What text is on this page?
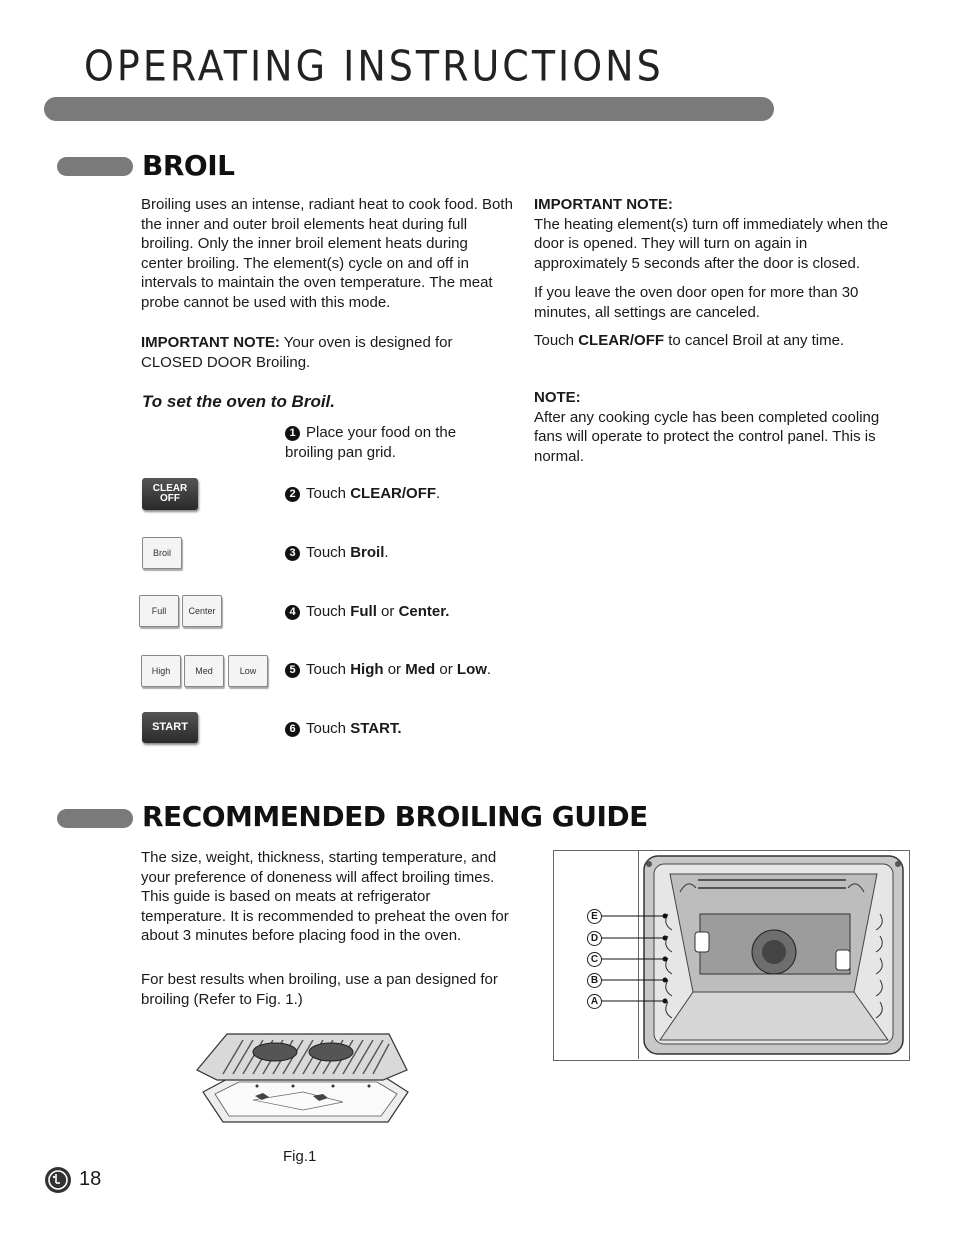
OPERATING INSTRUCTIONS
BROIL

Broiling uses an intense, radiant heat to cook food. Both the inner and outer broil elements heat during full broiling. Only the inner broil element heats during center broiling. The element(s) cycle on and off in intervals to maintain the oven temperature. The meat probe cannot be used with this mode.

IMPORTANT NOTE: Your oven is designed for CLOSED DOOR Broiling.

To set the oven to Broil.
1 Place your food on the broiling pan grid.
2 Touch CLEAR/OFF.
3 Touch Broil.
4 Touch Full or Center.
5 Touch High or Med or Low.
6 Touch START.
CLEAR
OFF
Broil
Full	Center
High	Med	Low
START

IMPORTANT NOTE:
The heating element(s) turn off immediately when the door is opened. They will turn on again in approximately 5 seconds after the door is closed.

If you leave the oven door open for more than 30 minutes, all settings are canceled.

Touch CLEAR/OFF to cancel Broil at any time.

NOTE:
After any cooking cycle has been completed cooling fans will operate to protect the control panel. This is normal.

RECOMMENDED BROILING GUIDE

The size, weight, thickness, starting temperature, and your preference of doneness will affect broiling times. This guide is based on meats at refrigerator temperature. It is recommended to preheat the oven for about 3 minutes before placing food in the oven.

For best results when broiling, use a pan designed for broiling (Refer to Fig. 1.)

Fig.1
E
D
C
B
A
18
